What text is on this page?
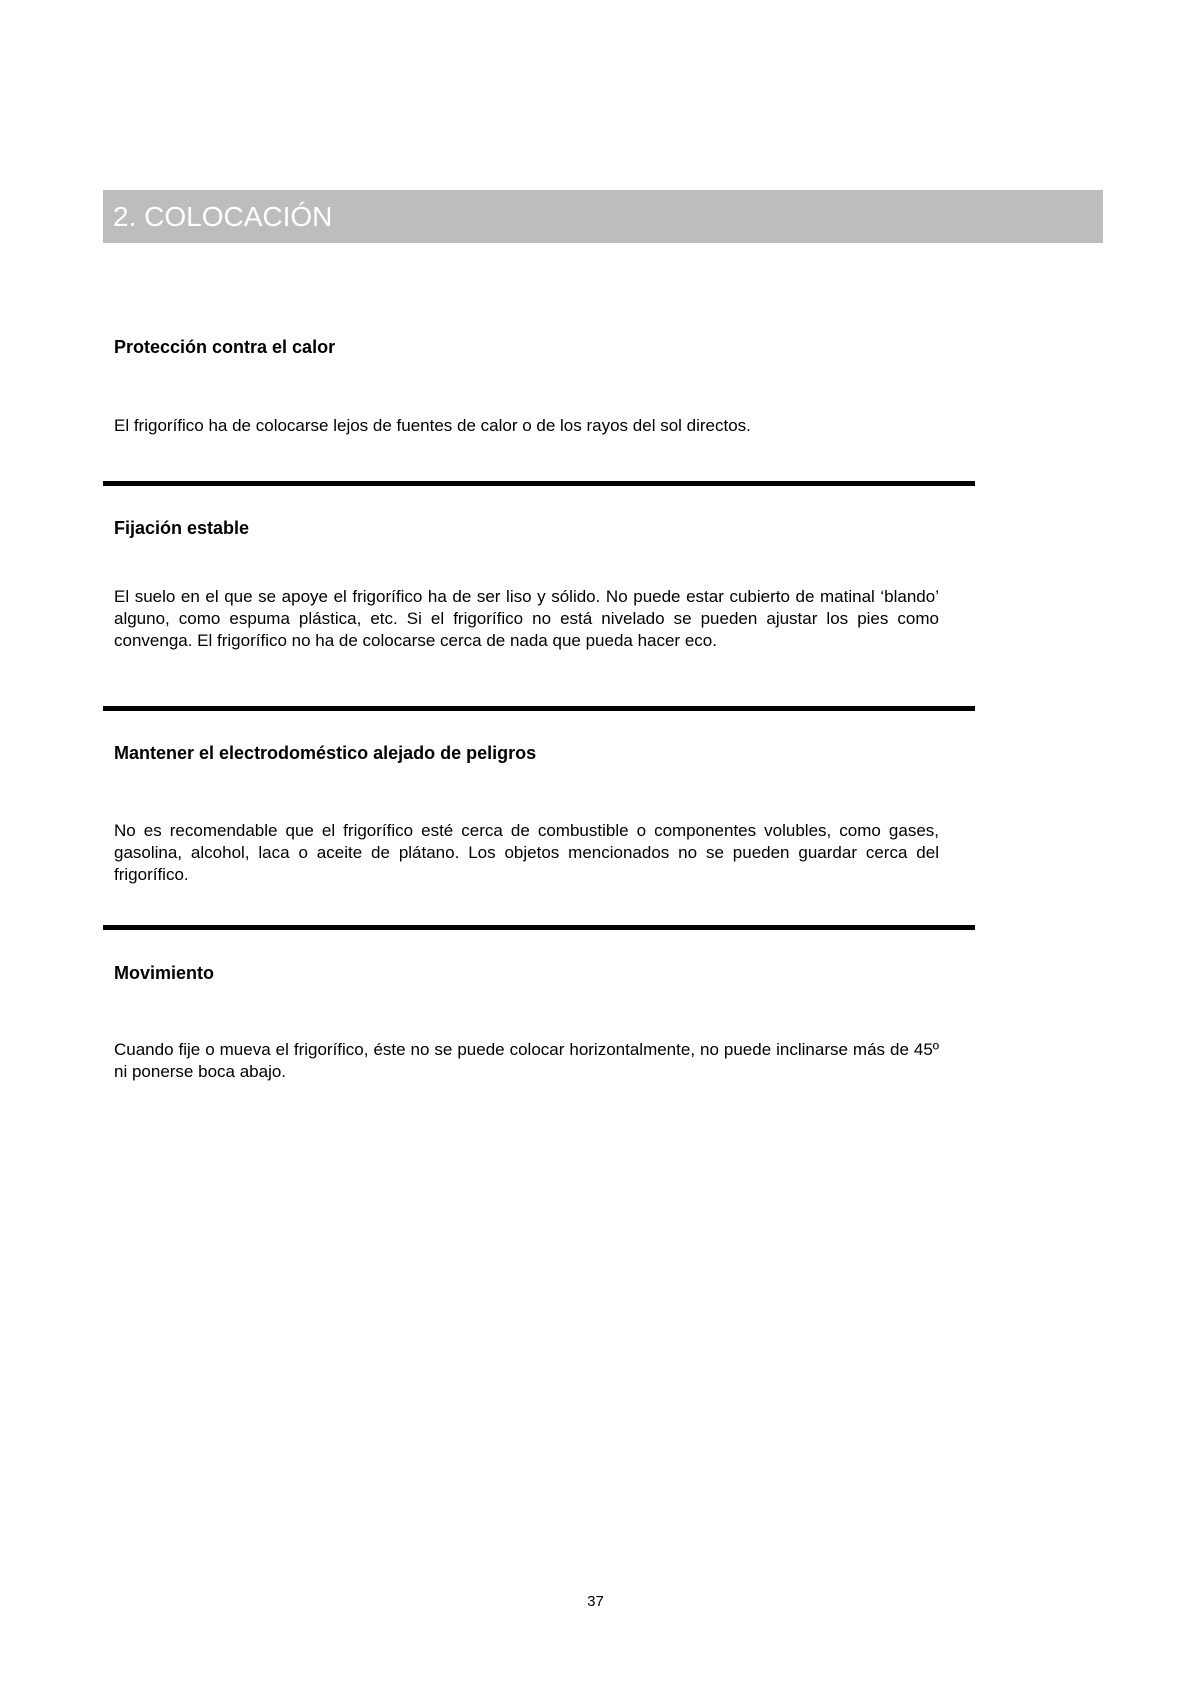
2. COLOCACIÓN
Protección contra el calor

El frigorífico ha de colocarse lejos de fuentes de calor o de los rayos del sol directos.

Fijación estable

El suelo en el que se apoye el frigorífico ha de ser liso y sólido. No puede estar cubierto de matinal ‘blando’ alguno, como espuma plástica, etc. Si el frigorífico no está nivelado se pueden ajustar los pies como convenga. El frigorífico no ha de colocarse cerca de nada que pueda hacer eco.

Mantener el electrodoméstico alejado de peligros

No es recomendable que el frigorífico esté cerca de combustible o componentes volubles, como gases, gasolina, alcohol, laca o aceite de plátano. Los objetos mencionados no se pueden guardar cerca del frigorífico.

Movimiento

Cuando fije o mueva el frigorífico, éste no se puede colocar horizontalmente, no puede inclinarse más de 45º ni ponerse boca abajo.

37
